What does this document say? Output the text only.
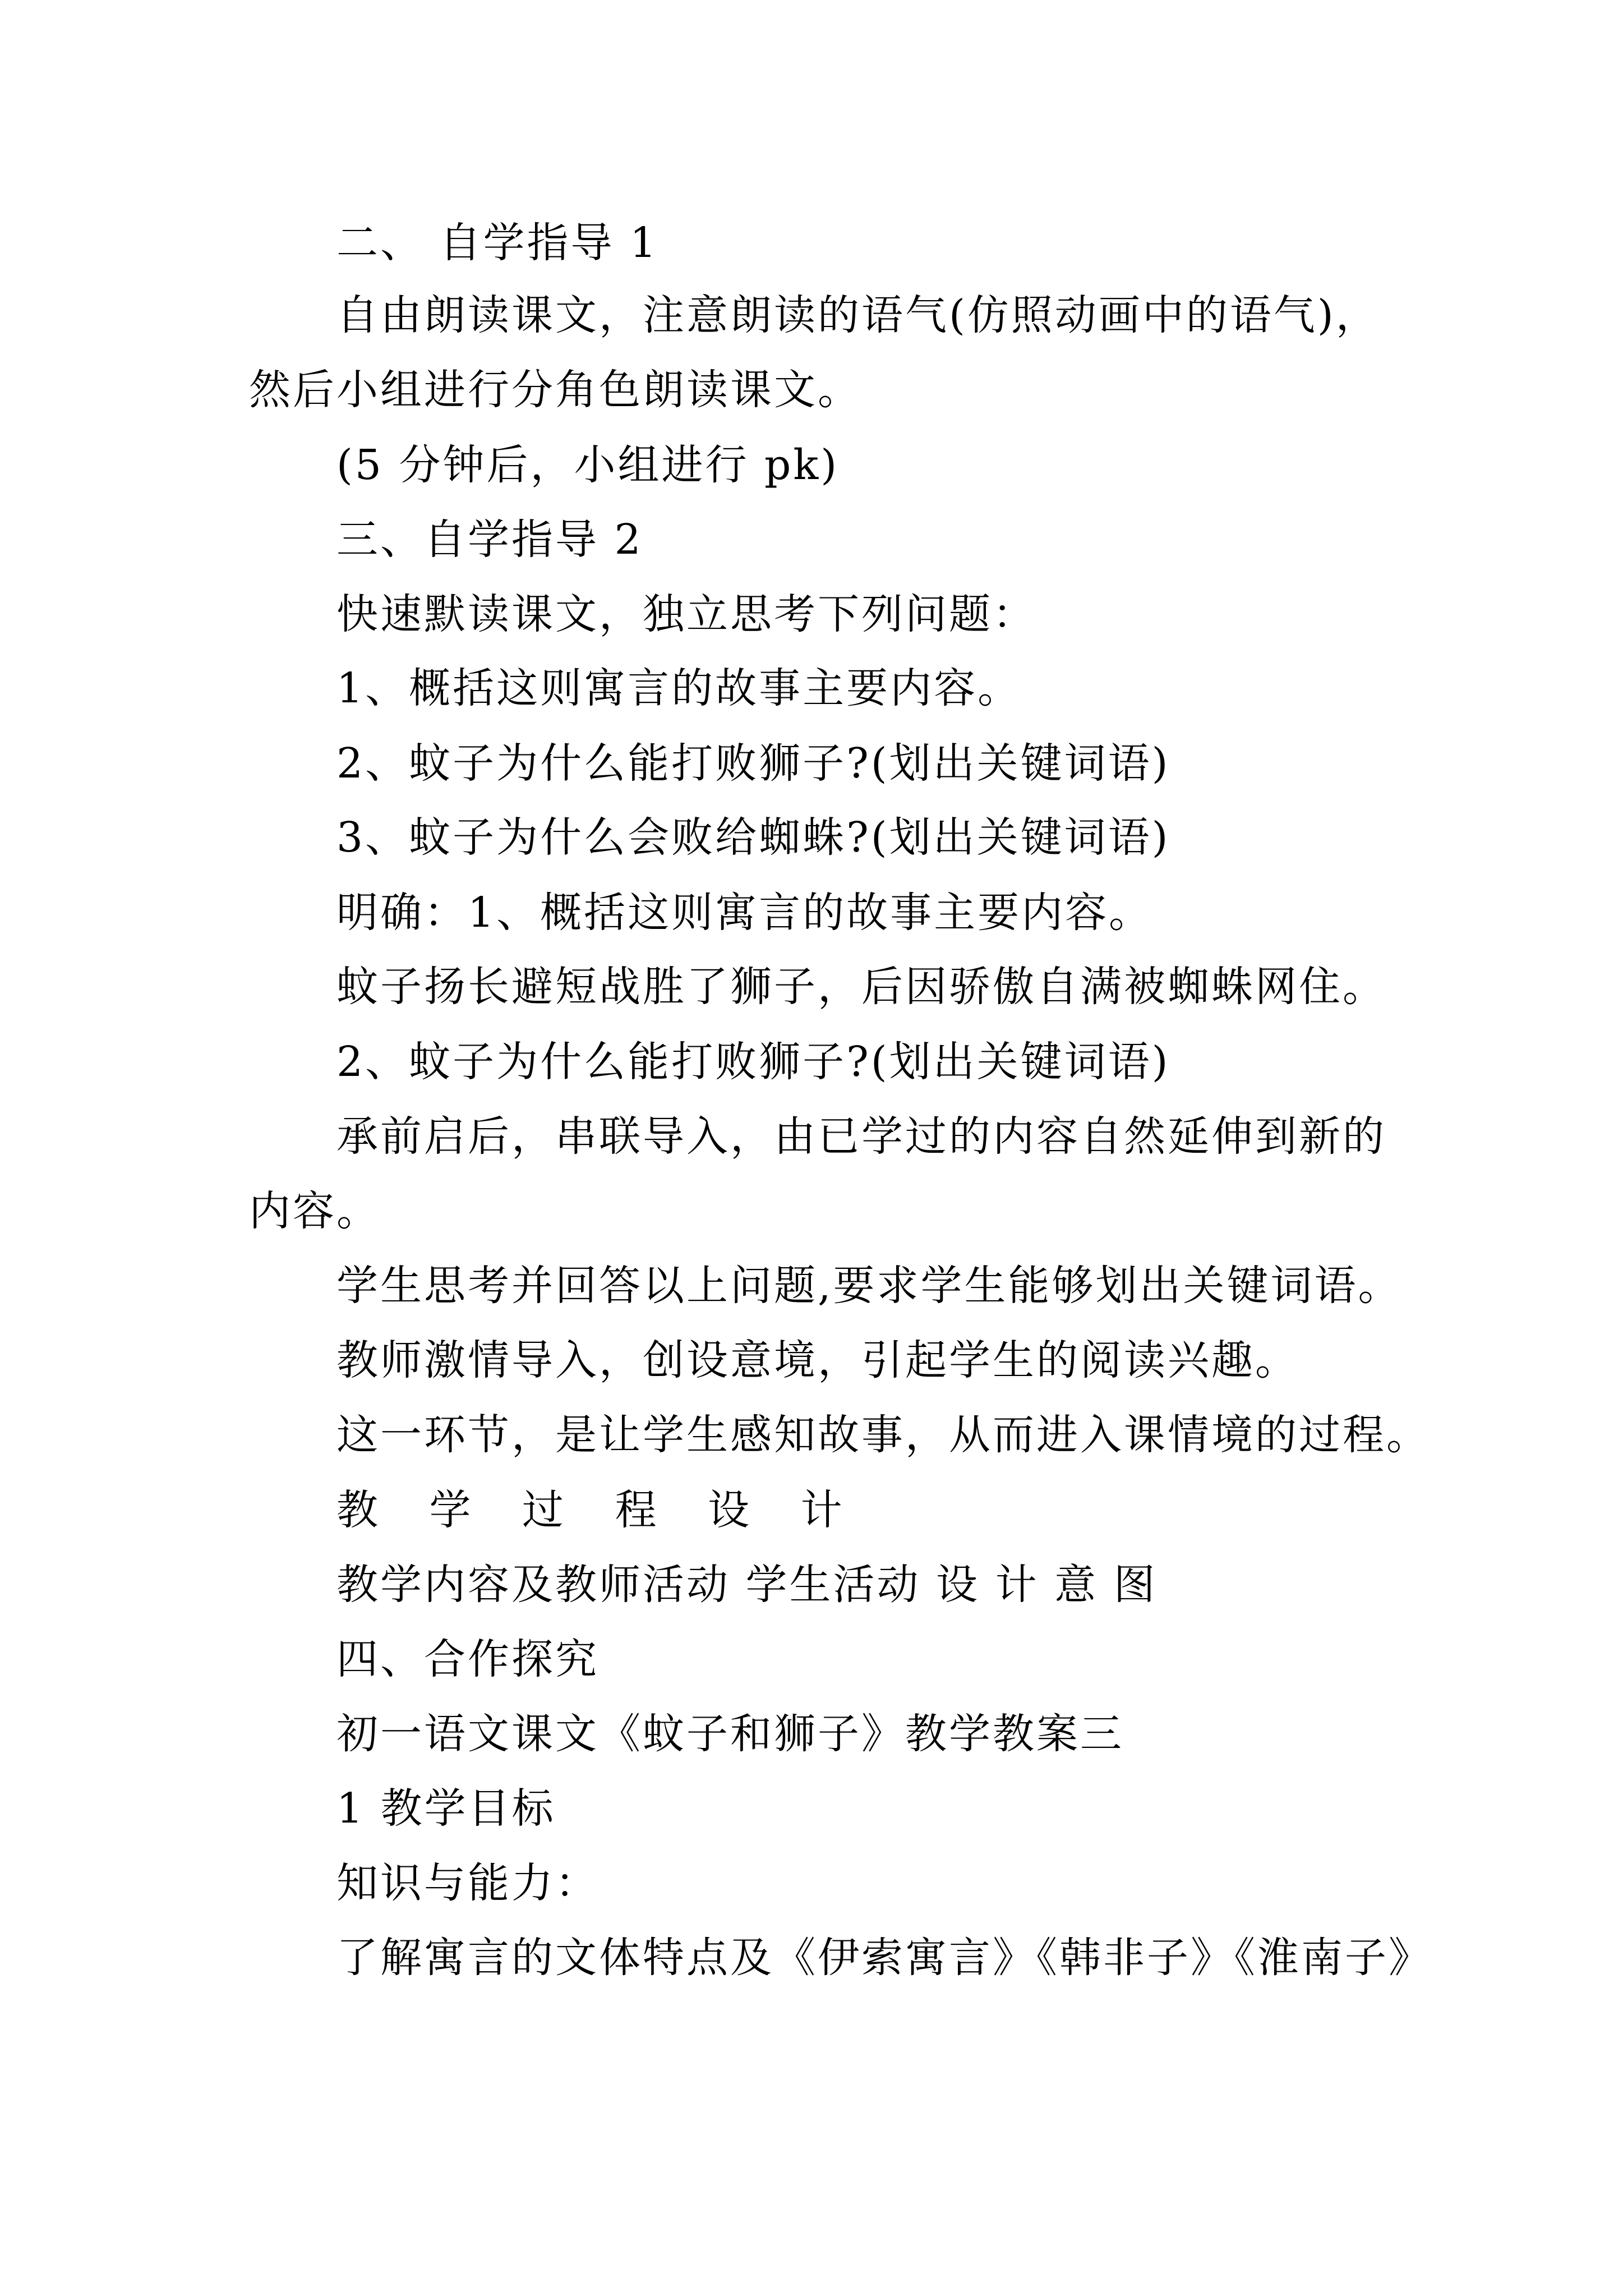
二、 自学指导 1
自由朗读课文，注意朗读的语气(仿照动画中的语气)，
然后小组进行分角色朗读课文。
(5 分钟后，小组进行 pk)
三、自学指导 2
快速默读课文，独立思考下列问题：
1、概括这则寓言的故事主要内容。
2、蚊子为什么能打败狮子?(划出关键词语)
3、蚊子为什么会败给蜘蛛?(划出关键词语)
明确：1、概括这则寓言的故事主要内容。
蚊子扬长避短战胜了狮子，后因骄傲自满被蜘蛛网住。
2、蚊子为什么能打败狮子?(划出关键词语)
承前启后，串联导入，由已学过的内容自然延伸到新的
内容。
学生思考并回答以上问题,要求学生能够划出关键词语。
教师激情导入，创设意境，引起学生的阅读兴趣。
这一环节，是让学生感知故事，从而进入课情境的过程。
教 学 过 程 设 计
教学内容及教师活动 学生活动 设 计 意 图
四、合作探究
初一语文课文《蚊子和狮子》教学教案三
1 教学目标
知识与能力：
了解寓言的文体特点及《伊索寓言》《韩非子》《淮南子》
